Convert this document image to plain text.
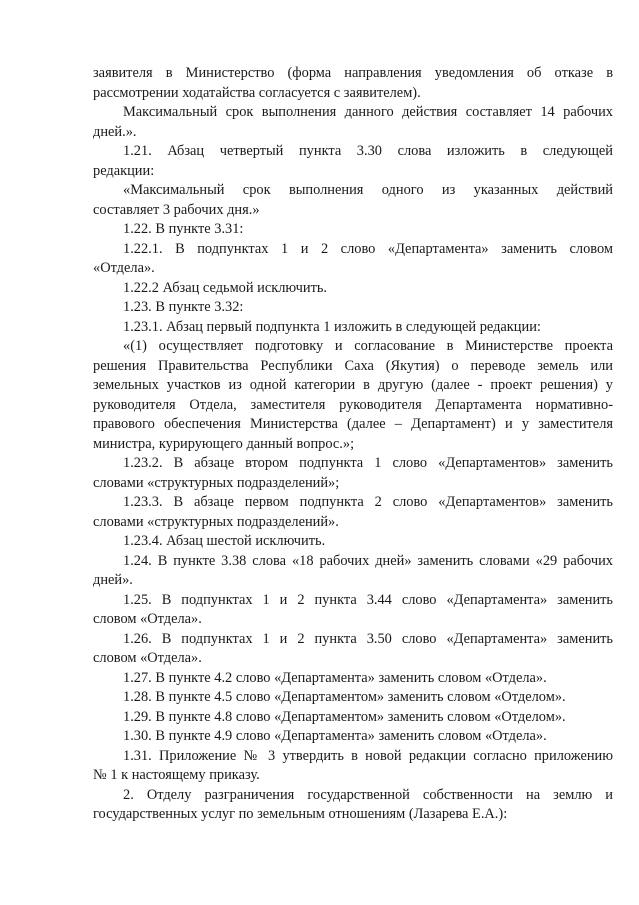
заявителя в Министерство (форма направления уведомления об отказе в
рассмотрении ходатайства согласуется с заявителем).
Максимальный срок выполнения данного действия составляет 14 рабочих
дней.».
1.21. Абзац четвертый пункта 3.30 слова изложить в следующей
редакции:
«Максимальный срок выполнения одного из указанных действий
составляет 3 рабочих дня.»
1.22. В пункте 3.31:
1.22.1. В подпунктах 1 и 2 слово «Департамента» заменить словом
«Отдела».
1.22.2 Абзац седьмой исключить.
1.23. В пункте 3.32:
1.23.1. Абзац первый подпункта 1 изложить в следующей редакции:
«(1) осуществляет подготовку и согласование в Министерстве проекта
решения Правительства Республики Саха (Якутия) о переводе земель или
земельных участков из одной категории в другую (далее - проект решения) у
руководителя Отдела, заместителя руководителя Департамента нормативно-
правового обеспечения Министерства (далее – Департамент) и у заместителя
министра, курирующего данный вопрос.»;
1.23.2. В абзаце втором подпункта 1 слово «Департаментов» заменить
словами «структурных подразделений»;
1.23.3. В абзаце первом подпункта 2 слово «Департаментов» заменить
словами «структурных подразделений».
1.23.4. Абзац шестой исключить.
1.24. В пункте 3.38 слова «18 рабочих дней» заменить словами «29 рабочих
дней».
1.25. В подпунктах 1 и 2 пункта 3.44 слово «Департамента» заменить
словом «Отдела».
1.26. В подпунктах 1 и 2 пункта 3.50 слово «Департамента» заменить
словом «Отдела».
1.27. В пункте 4.2 слово «Департамента» заменить словом «Отдела».
1.28. В пункте 4.5 слово «Департаментом» заменить словом «Отделом».
1.29. В пункте 4.8 слово «Департаментом» заменить словом «Отделом».
1.30. В пункте 4.9 слово «Департамента» заменить словом «Отдела».
1.31. Приложение № 3 утвердить в новой редакции согласно приложению
№ 1 к настоящему приказу.
2. Отделу разграничения государственной собственности на землю и
государственных услуг по земельным отношениям (Лазарева Е.А.):
